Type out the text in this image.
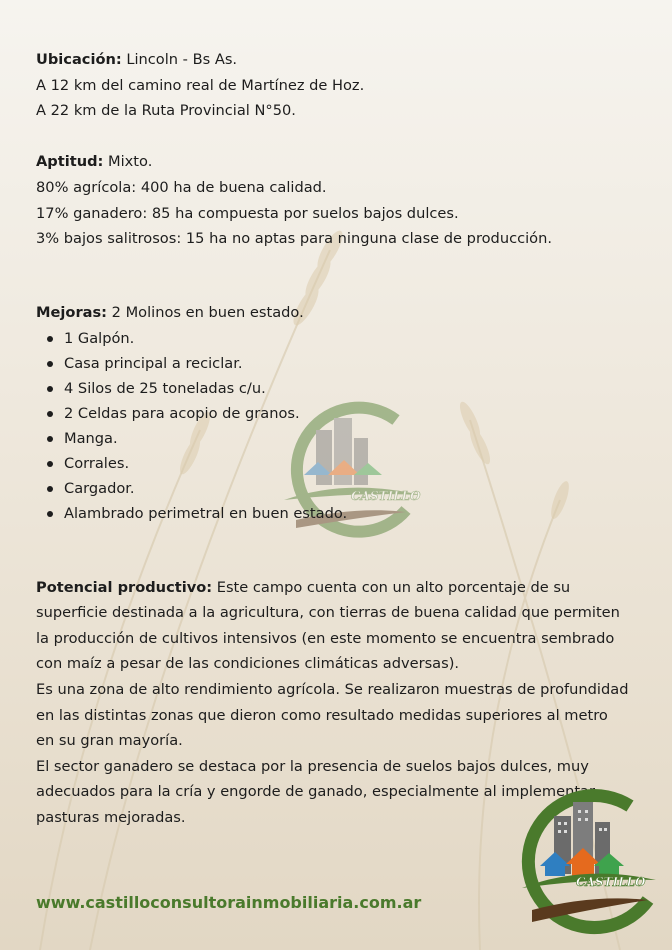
CASTILLO
Ubicación: Lincoln - Bs As.
A 12 km del camino real de Martínez de Hoz.
A 22 km de la Ruta Provincial N°50.
Aptitud: Mixto.
80% agrícola: 400 ha de buena calidad.
17% ganadero: 85 ha compuesta por suelos bajos dulces.
3% bajos salitrosos: 15 ha no aptas para ninguna clase de producción.
Mejoras: 2 Molinos en buen estado.
1 Galpón.
Casa principal a reciclar.
4 Silos de 25 toneladas c/u.
2 Celdas para acopio de granos.
Manga.
Corrales.
Cargador.
Alambrado perimetral en buen estado.
Potencial productivo: Este campo cuenta con un alto porcentaje de su
superficie destinada a la agricultura, con tierras de buena calidad que permiten
la producción de cultivos intensivos (en este momento se encuentra sembrado
con maíz a pesar de las condiciones climáticas adversas).
Es una zona de alto rendimiento agrícola. Se realizaron muestras de profundidad
en las distintas zonas que dieron como resultado medidas superiores al metro
en su gran mayoría.
El sector ganadero se destaca por la presencia de suelos bajos dulces, muy
adecuados para la cría y engorde de ganado, especialmente al implementar
pasturas mejoradas.
CASTILLO
www.castilloconsultorainmobiliaria.com.ar
